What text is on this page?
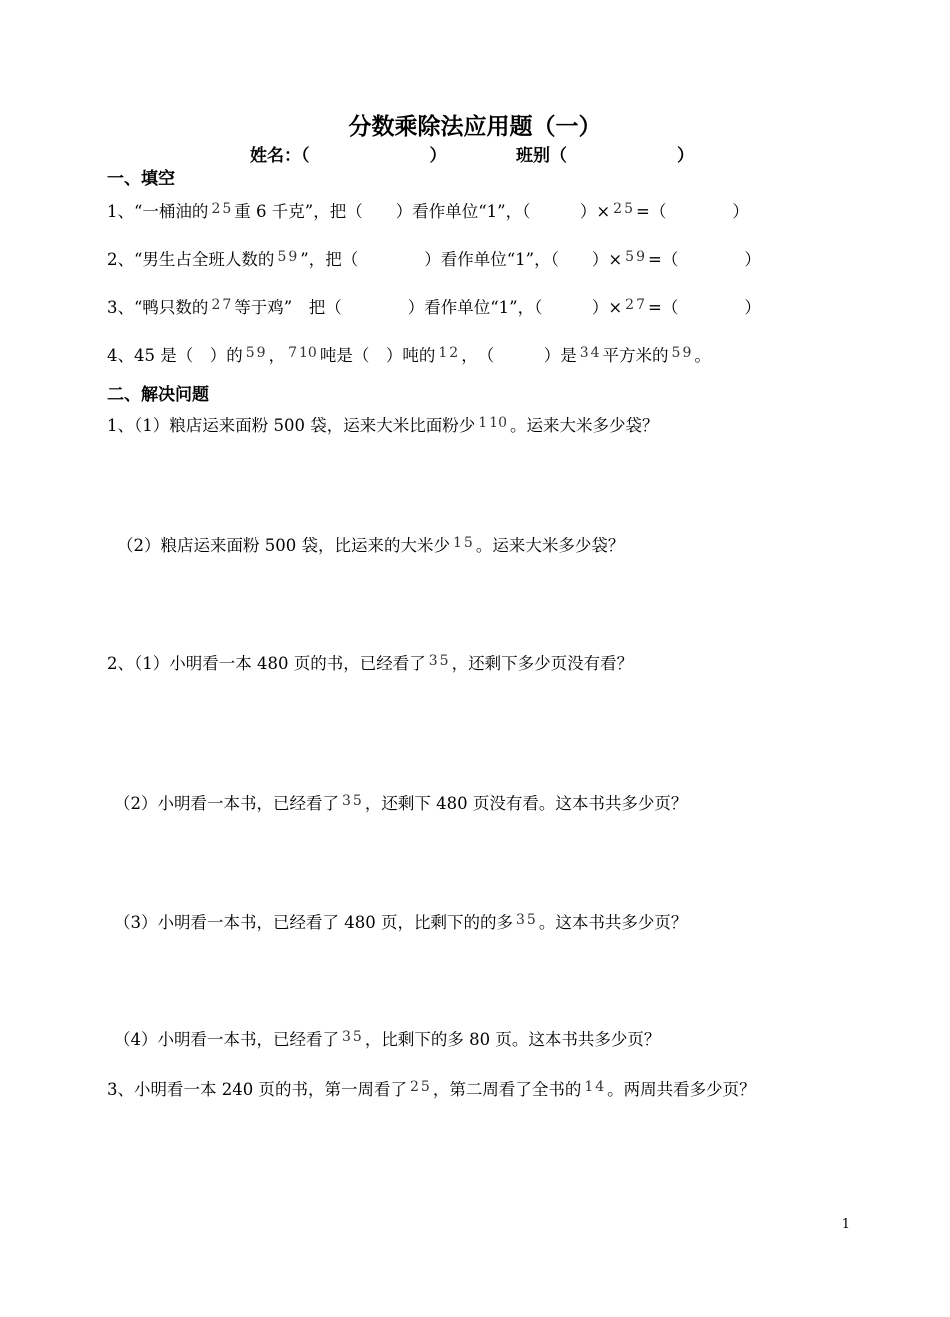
分数乘除法应用题（一）
姓名：（	）	班别（	）
一、填空
1、“一桶油的 2 5 重 6 千克”，把（　　）看作单位“1”，（　　　）× 2 5 =（　　　　）
2、“男生占全班人数的 5 9 ”，把（　　　　）看作单位“1”，（　　）× 5 9 =（　　　　）
3、“鸭只数的 2 7 等于鸡”　把（　　　　）看作单位“1”，（　　　）× 2 7 =（　　　　）
4、45 是（　）的 5 9 ， 7 10 吨是（　）吨的 1 2 ，　（　　　）是 3 4 平方米的 5 9 。
二、解决问题
1、（1）粮店运来面粉 500 袋，运来大米比面粉少 1 10 。运来大米多少袋？
（2）粮店运来面粉 500 袋，比运来的大米少 1 5 。运来大米多少袋？
2、（1）小明看一本 480 页的书，已经看了 3 5 ，还剩下多少页没有看？
（2）小明看一本书，已经看了 3 5 ，还剩下 480 页没有看。这本书共多少页？
（3）小明看一本书，已经看了 480 页，比剩下的的多 3 5 。这本书共多少页？
（4）小明看一本书，已经看了 3 5 ，比剩下的多 80 页。这本书共多少页？
3、小明看一本 240 页的书，第一周看了 2 5 ，第二周看了全书的 1 4 。两周共看多少页？
1
